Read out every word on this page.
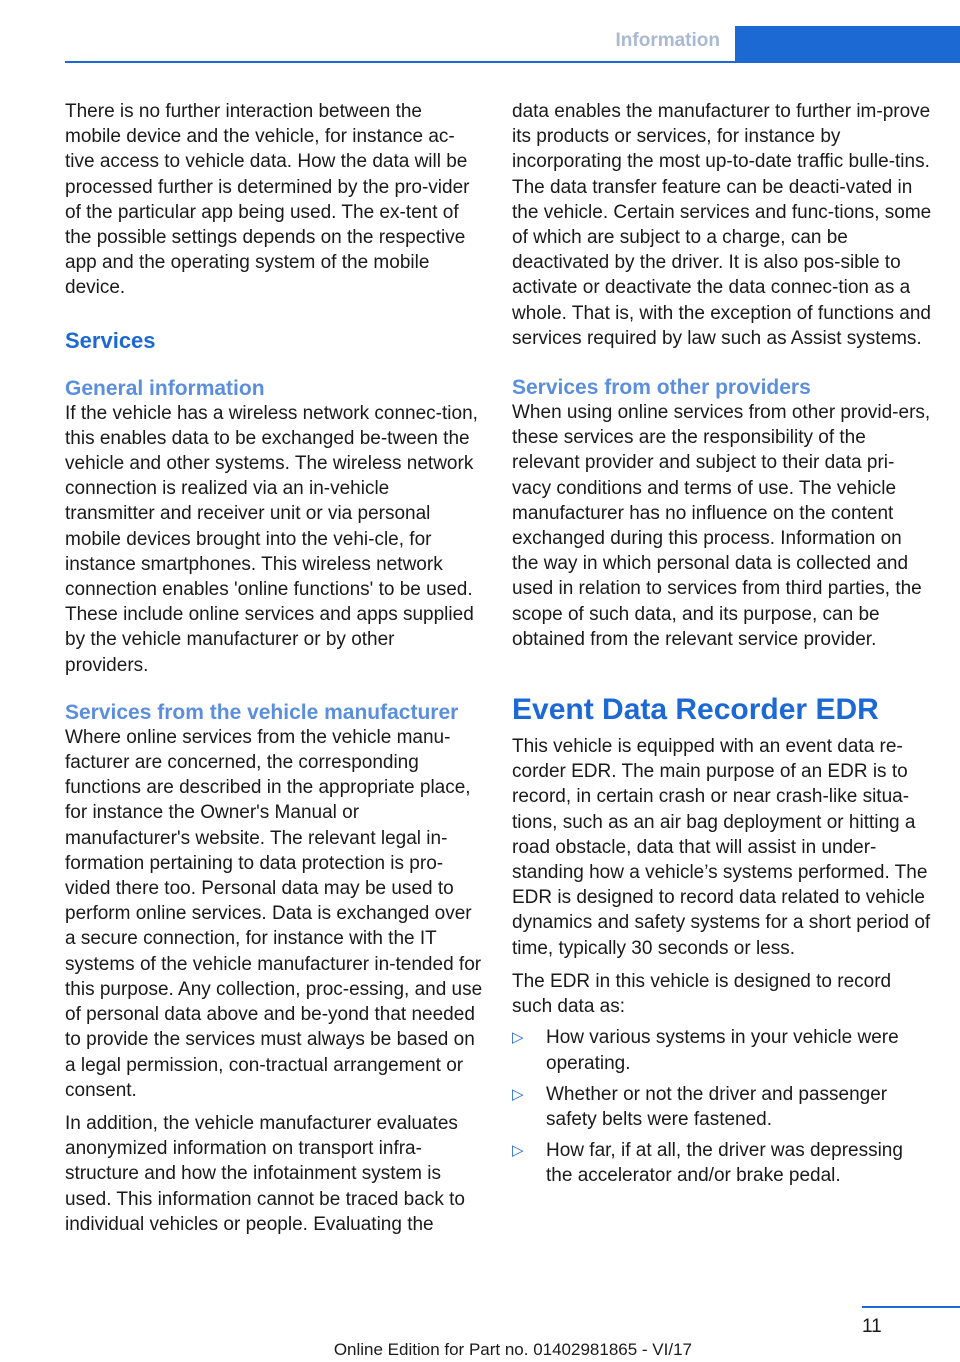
Information

There is no further interaction between the mobile device and the vehicle, for instance ac-tive access to vehicle data. How the data will be processed further is determined by the pro-vider of the particular app being used. The ex-tent of the possible settings depends on the respective app and the operating system of the mobile device.

Services
General information

If the vehicle has a wireless network connec-tion, this enables data to be exchanged be-tween the vehicle and other systems. The wireless network connection is realized via an in-vehicle transmitter and receiver unit or via personal mobile devices brought into the vehi-cle, for instance smartphones. This wireless network connection enables 'online functions' to be used. These include online services and apps supplied by the vehicle manufacturer or by other providers.

Services from the vehicle manufacturer

Where online services from the vehicle manu-facturer are concerned, the corresponding functions are described in the appropriate place, for instance the Owner's Manual or manufacturer's website. The relevant legal in-formation pertaining to data protection is pro-vided there too. Personal data may be used to perform online services. Data is exchanged over a secure connection, for instance with the IT systems of the vehicle manufacturer in-tended for this purpose. Any collection, proc-essing, and use of personal data above and be-yond that needed to provide the services must always be based on a legal permission, con-tractual arrangement or consent.

In addition, the vehicle manufacturer evaluates anonymized information on transport infra-structure and how the infotainment system is used. This information cannot be traced back to individual vehicles or people. Evaluating the

data enables the manufacturer to further im-prove its products or services, for instance by incorporating the most up-to-date traffic bulle-tins. The data transfer feature can be deacti-vated in the vehicle. Certain services and func-tions, some of which are subject to a charge, can be deactivated by the driver. It is also pos-sible to activate or deactivate the data connec-tion as a whole. That is, with the exception of functions and services required by law such as Assist systems.

Services from other providers

When using online services from other provid-ers, these services are the responsibility of the relevant provider and subject to their data pri-vacy conditions and terms of use. The vehicle manufacturer has no influence on the content exchanged during this process. Information on the way in which personal data is collected and used in relation to services from third parties, the scope of such data, and its purpose, can be obtained from the relevant service provider.

Event Data Recorder EDR

This vehicle is equipped with an event data re-corder EDR. The main purpose of an EDR is to record, in certain crash or near crash-like situa-tions, such as an air bag deployment or hitting a road obstacle, data that will assist in under-standing how a vehicle’s systems performed. The EDR is designed to record data related to vehicle dynamics and safety systems for a short period of time, typically 30 seconds or less.

The EDR in this vehicle is designed to record such data as:

▷ How various systems in your vehicle were operating.
▷ Whether or not the driver and passenger safety belts were fastened.
▷ How far, if at all, the driver was depressing the accelerator and/or brake pedal.
11
Online Edition for Part no. 01402981865 - VI/17
